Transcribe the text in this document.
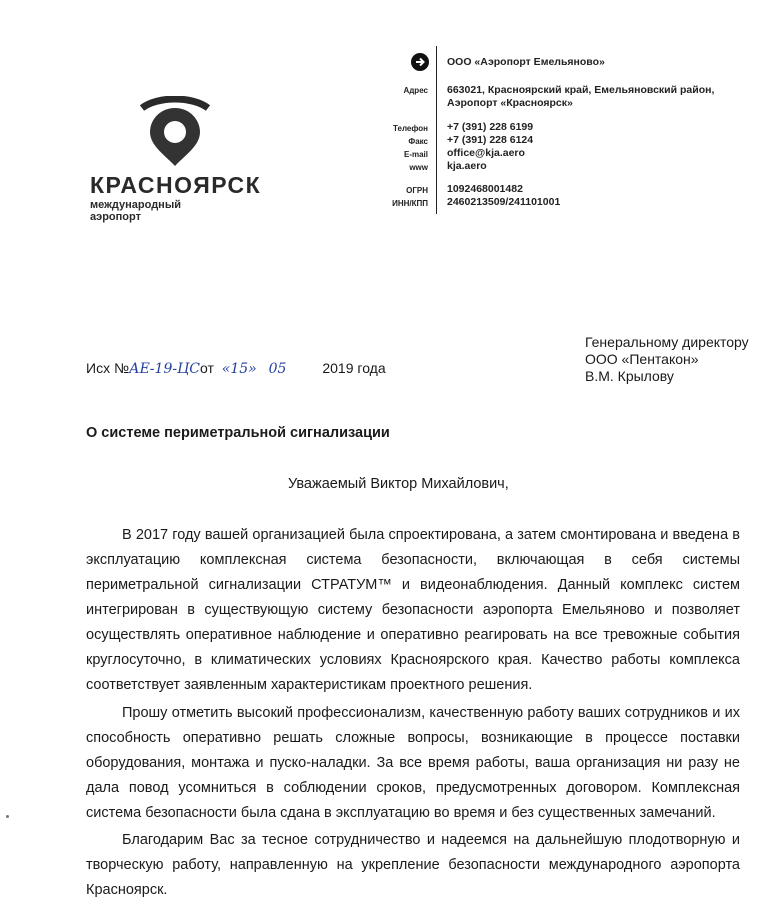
КРАСНОЯРСК
международный
аэропорт
ООО «Аэропорт Емельяново»
Адрес 663021, Красноярский край, Емельяновский район,
Аэропорт «Красноярск»
Телефон +7 (391) 228 6199
Факс +7 (391) 228 6124
E-mail office@kja.aero
www kja.aero
ОГРН 1092468001482
ИНН/КПП 2460213509/241101001
Генеральному директору
ООО «Пентакон»
В.М. Крылову
Исх №АЕ-19-ЦСот «15» 05	2019 года
О системе периметральной сигнализации
Уважаемый Виктор Михайлович,

В 2017 году вашей организацией была спроектирована, а затем смонтирована и введена в эксплуатацию комплексная система безопасности, включающая в себя системы периметральной сигнализации СТРАТУМ™ и видеонаблюдения. Данный комплекс систем интегрирован в существующую систему безопасности аэропорта Емельяново и позволяет осуществлять оперативное наблюдение и оперативно реагировать на все тревожные события круглосуточно, в климатических условиях Красноярского края. Качество работы комплекса соответствует заявленным характеристикам проектного решения.

Прошу отметить высокий профессионализм, качественную работу ваших сотрудников и их способность оперативно решать сложные вопросы, возникающие в процессе поставки оборудования, монтажа и пуско-наладки. За все время работы, ваша организация ни разу не дала повод усомниться в соблюдении сроков, предусмотренных договором. Комплексная система безопасности была сдана в эксплуатацию во время и без существенных замечаний.

Благодарим Вас за тесное сотрудничество и надеемся на дальнейшую плодотворную и творческую работу, направленную на укрепление безопасности международного аэропорта Красноярск.
